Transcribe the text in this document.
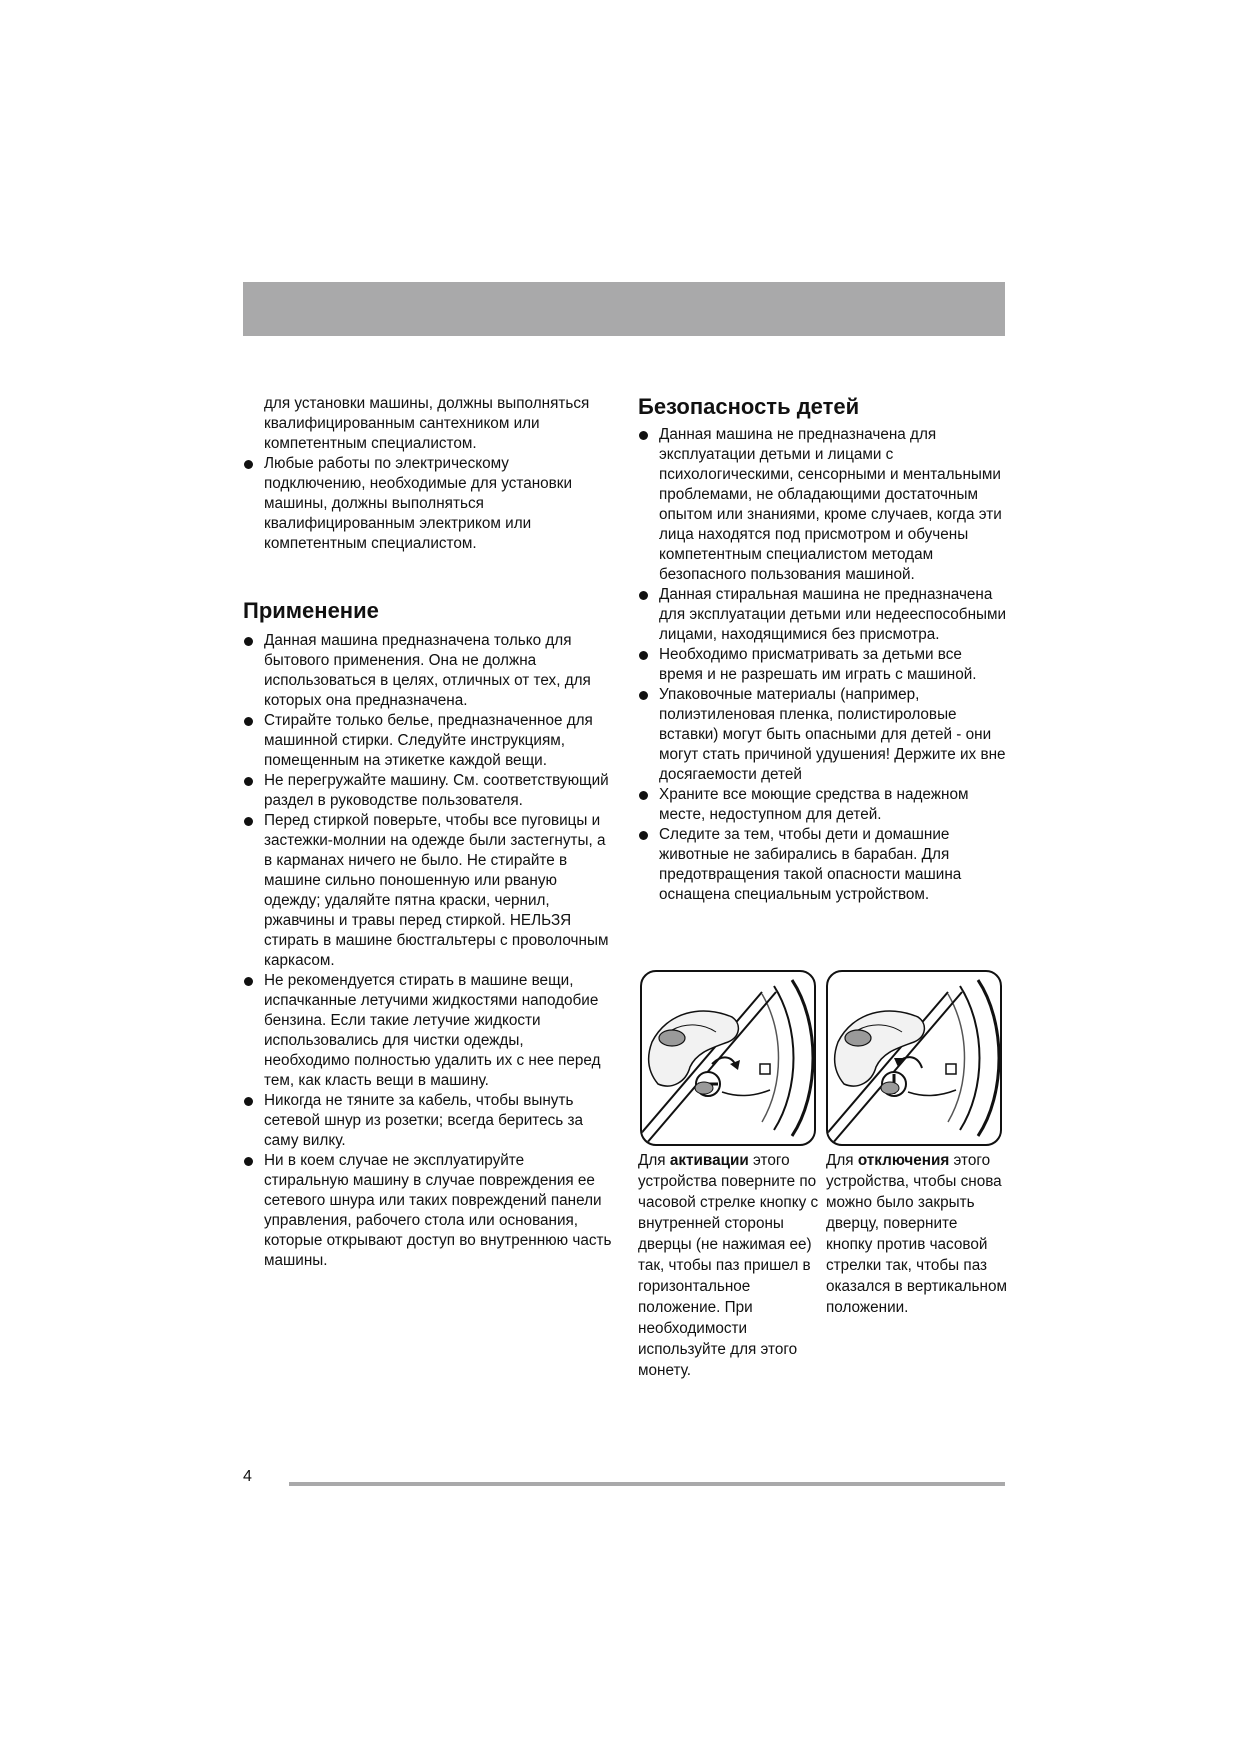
для установки машины, должны выполняться квалифицированным сантехником или компетентным специалистом.

Любые работы по электрическому подключению, необходимые для установки машины, должны выполняться квалифицированным электриком или компетентным специалистом.
Применение
Данная машина предназначена только для бытового применения. Она не должна использоваться в целях, отличных от тех, для которых она предназначена.
Стирайте только белье, предназначенное для машинной стирки. Следуйте инструкциям, помещенным на этикетке каждой вещи.
Не перегружайте машину. См. соответствующий раздел в руководстве пользователя.
Перед стиркой поверьте, чтобы все пуговицы и застежки-молнии на одежде были застегнуты, а в карманах ничего не было. Не стирайте в машине сильно поношенную или рваную одежду; удаляйте пятна краски, чернил, ржавчины и травы перед стиркой. НЕЛЬЗЯ стирать в машине бюстгальтеры с проволочным каркасом.
Не рекомендуется стирать в машине вещи, испачканные летучими жидкостями наподобие бензина. Если такие летучие жидкости использовались для чистки одежды, необходимо полностью удалить их с нее перед тем, как класть вещи в машину.
Никогда не тяните за кабель, чтобы вынуть сетевой шнур из розетки; всегда беритесь за саму вилку.
Ни в коем случае не эксплуатируйте стиральную машину в случае повреждения ее сетевого шнура или таких повреждений панели управления, рабочего стола или основания, которые открывают доступ во внутреннюю часть машины.
Безопасность детей
Данная машина не предназначена для эксплуатации детьми и лицами с психологическими, сенсорными и ментальными проблемами, не обладающими достаточным опытом или знаниями, кроме случаев, когда эти лица находятся под присмотром и обучены компетентным специалистом методам безопасного пользования машиной.
Данная стиральная машина не предназначена для эксплуатации детьми или недееспособными лицами, находящимися без присмотра.
Необходимо присматривать за детьми все время и не разрешать им играть с машиной.
Упаковочные материалы (например, полиэтиленовая пленка, полистироловые вставки) могут быть опасными для детей - они могут стать причиной удушения! Держите их вне досягаемости детей
Храните все моющие средства в надежном месте, недоступном для детей.
Следите за тем, чтобы дети и домашние животные не забирались в барабан. Для предотвращения такой опасности машина оснащена специальным устройством.
Для активации этого устройства поверните по часовой стрелке кнопку с внутренней стороны дверцы (не нажимая ее) так, чтобы паз пришел в горизонтальное положение. При необходимости используйте для этого монету.
Для отключения этого устройства, чтобы снова можно было закрыть дверцу, поверните кнопку против часовой стрелки так, чтобы паз оказался в вертикальном положении.
4
